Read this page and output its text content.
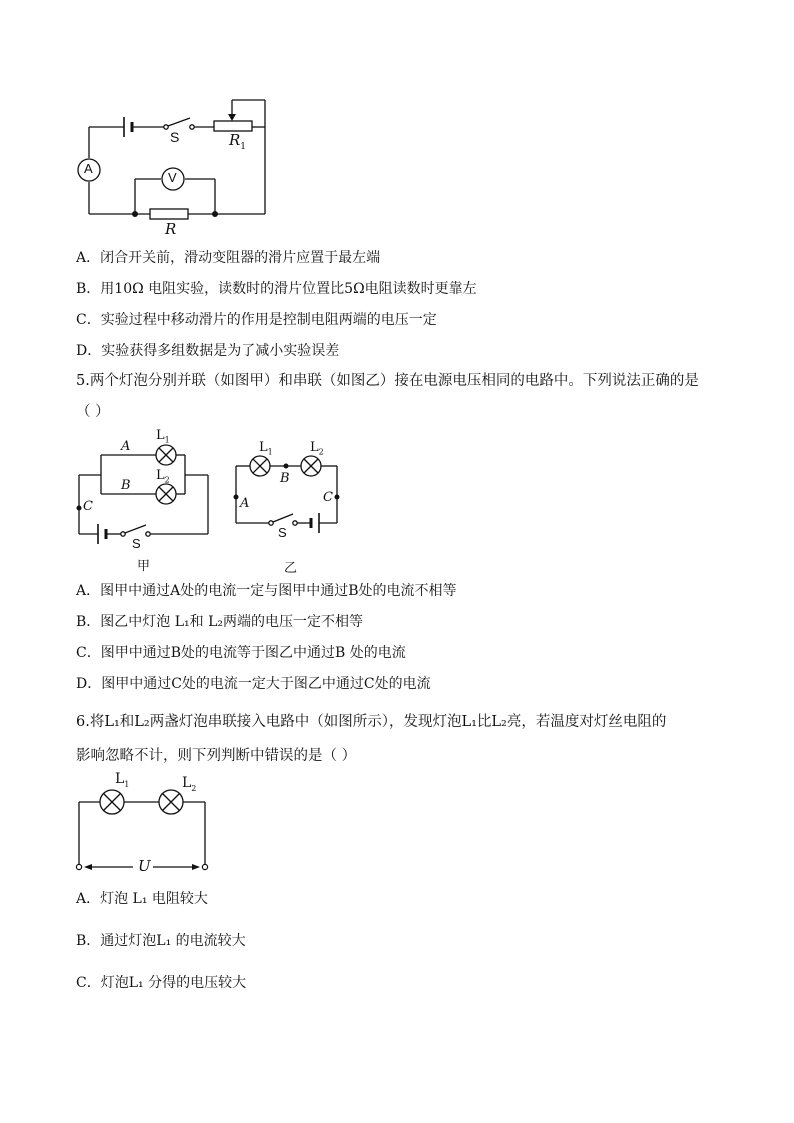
A
V
S	$R_1$
R
A．闭合开关前，滑动变阻器的滑片应置于最左端
B．用10Ω 电阻实验，读数时的滑片位置比5Ω电阻读数时更靠左
C．实验过程中移动滑片的作用是控制电阻两端的电压一定
D．实验获得多组数据是为了减小实验误差
5.两个灯泡分别并联（如图甲）和串联（如图乙）接在电源电压相同的电路中。下列说法正确的是
（ ）
A
B
C
$L_1$
$L_2$
S
甲
$L_1$	$L_2$
B
A	C
S
乙
A．图甲中通过A处的电流一定与图甲中通过B处的电流不相等
B．图乙中灯泡 L₁和 L₂两端的电压一定不相等
C．图甲中通过B处的电流等于图乙中通过B 处的电流
D．图甲中通过C处的电流一定大于图乙中通过C处的电流
6.将L₁和L₂两盏灯泡串联接入电路中（如图所示），发现灯泡L₁比L₂亮，若温度对灯丝电阻的
影响忽略不计，则下列判断中错误的是（ ）
$L_1$	$L_2$
U
A．灯泡 L₁ 电阻较大
B．通过灯泡L₁ 的电流较大
C．灯泡L₁ 分得的电压较大
